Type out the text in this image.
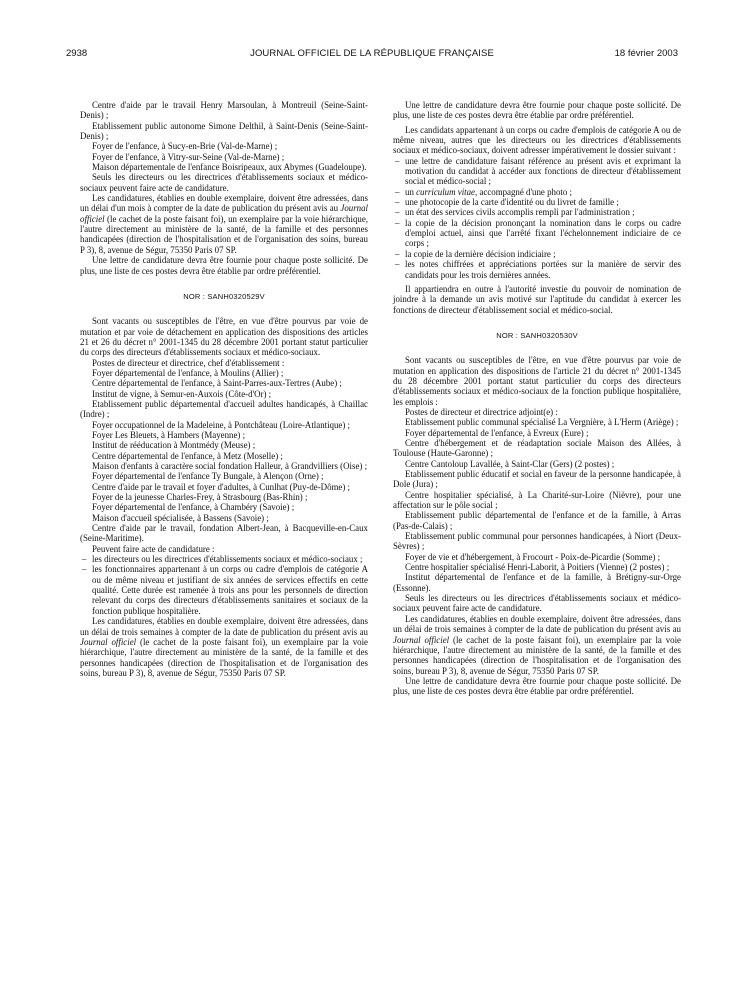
2938	JOURNAL OFFICIEL DE LA RÉPUBLIQUE FRANÇAISE	18 février 2003

Centre d'aide par le travail Henry Marsoulan, à Montreuil (Seine-Saint-Denis) ;

Etablissement public autonome Simone Delthil, à Saint-Denis (Seine-Saint-Denis) ;

Foyer de l'enfance, à Sucy-en-Brie (Val-de-Marne) ;

Foyer de l'enfance, à Vitry-sur-Seine (Val-de-Marne) ;

Maison départementale de l'enfance Boisripeaux, aux Abymes (Guadeloupe).

Seuls les directeurs ou les directrices d'établissements sociaux et médico-sociaux peuvent faire acte de candidature.

Les candidatures, établies en double exemplaire, doivent être adressées, dans un délai d'un mois à compter de la date de publication du présent avis au Journal officiel (le cachet de la poste faisant foi), un exemplaire par la voie hiérarchique, l'autre directement au ministère de la santé, de la famille et des personnes handicapées (direction de l'hospitalisation et de l'organisation des soins, bureau P 3), 8, avenue de Ségur, 75350 Paris 07 SP.

Une lettre de candidature devra être fournie pour chaque poste sollicité. De plus, une liste de ces postes devra être établie par ordre préférentiel.

NOR : SANH0320529V

Sont vacants ou susceptibles de l'être, en vue d'être pourvus par voie de mutation et par voie de détachement en application des dispositions des articles 21 et 26 du décret n° 2001-1345 du 28 décembre 2001 portant statut particulier du corps des directeurs d'établissements sociaux et médico-sociaux.

Postes de directeur et directrice, chef d'établissement :

Foyer départemental de l'enfance, à Moulins (Allier) ;

Centre départemental de l'enfance, à Saint-Parres-aux-Tertres (Aube) ;

Institut de vigne, à Semur-en-Auxois (Côte-d'Or) ;

Etablissement public départemental d'accueil adultes handicapés, à Chaillac (Indre) ;

Foyer occupationnel de la Madeleine, à Pontchâteau (Loire-Atlantique) ;

Foyer Les Bleuets, à Hambers (Mayenne) ;

Institut de rééducation à Montmédy (Meuse) ;

Centre départemental de l'enfance, à Metz (Moselle) ;

Maison d'enfants à caractère social fondation Halleur, à Grandvilliers (Oise) ;

Foyer départemental de l'enfance Ty Bungale, à Alençon (Orne) ;

Centre d'aide par le travail et foyer d'adultes, à Cunlhat (Puy-de-Dôme) ;

Foyer de la jeunesse Charles-Frey, à Strasbourg (Bas-Rhin) ;

Foyer départemental de l'enfance, à Chambéry (Savoie) ;

Maison d'accueil spécialisée, à Bassens (Savoie) ;

Centre d'aide par le travail, fondation Albert-Jean, à Bacqueville-en-Caux (Seine-Maritime).

Peuvent faire acte de candidature :

– les directeurs ou les directrices d'établissements sociaux et médico-sociaux ;
– les fonctionnaires appartenant à un corps ou cadre d'emplois de catégorie A ou de même niveau et justifiant de six années de services effectifs en cette qualité. Cette durée est ramenée à trois ans pour les personnels de direction relevant du corps des directeurs d'établissements sanitaires et sociaux de la fonction publique hospitalière.

Les candidatures, établies en double exemplaire, doivent être adressées, dans un délai de trois semaines à compter de la date de publication du présent avis au Journal officiel (le cachet de la poste faisant foi), un exemplaire par la voie hiérarchique, l'autre directement au ministère de la santé, de la famille et des personnes handicapées (direction de l'hospitalisation et de l'organisation des soins, bureau P 3), 8, avenue de Ségur, 75350 Paris 07 SP.

Une lettre de candidature devra être fournie pour chaque poste sollicité. De plus, une liste de ces postes devra être établie par ordre préférentiel.

Les candidats appartenant à un corps ou cadre d'emplois de catégorie A ou de même niveau, autres que les directeurs ou les directrices d'établissements sociaux et médico-sociaux, doivent adresser impérativement le dossier suivant :

– une lettre de candidature faisant référence au présent avis et exprimant la motivation du candidat à accéder aux fonctions de directeur d'établissement social et médico-social ;
– un curriculum vitae, accompagné d'une photo ;
– une photocopie de la carte d'identité ou du livret de famille ;
– un état des services civils accomplis rempli par l'administration ;
– la copie de la décision prononçant la nomination dans le corps ou cadre d'emploi actuel, ainsi que l'arrêté fixant l'échelonnement indiciaire de ce corps ;
– la copie de la dernière décision indiciaire ;
– les notes chiffrées et appréciations portées sur la manière de servir des candidats pour les trois dernières années.

Il appartiendra en outre à l'autorité investie du pouvoir de nomination de joindre à la demande un avis motivé sur l'aptitude du candidat à exercer les fonctions de directeur d'établissement social et médico-social.

NOR : SANH0320530V

Sont vacants ou susceptibles de l'être, en vue d'être pourvus par voie de mutation en application des dispositions de l'article 21 du décret n° 2001-1345 du 28 décembre 2001 portant statut particulier du corps des directeurs d'établissements sociaux et médico-sociaux de la fonction publique hospitalière, les emplois :

Postes de directeur et directrice adjoint(e) :

Etablissement public communal spécialisé La Vergnière, à L'Herm (Ariège) ;

Foyer départemental de l'enfance, à Evreux (Eure) ;

Centre d'hébergement et de réadaptation sociale Maison des Allées, à Toulouse (Haute-Garonne) ;

Centre Cantoloup Lavallée, à Saint-Clar (Gers) (2 postes) ;

Etablissement public éducatif et social en faveur de la personne handicapée, à Dole (Jura) ;

Centre hospitalier spécialisé, à La Charité-sur-Loire (Nièvre), pour une affectation sur le pôle social ;

Etablissement public départemental de l'enfance et de la famille, à Arras (Pas-de-Calais) ;

Etablissement public communal pour personnes handicapées, à Niort (Deux-Sèvres) ;

Foyer de vie et d'hébergement, à Frocourt - Poix-de-Picardie (Somme) ;

Centre hospitalier spécialisé Henri-Laborit, à Poitiers (Vienne) (2 postes) ;

Institut départemental de l'enfance et de la famille, à Brétigny-sur-Orge (Essonne).

Seuls les directeurs ou les directrices d'établissements sociaux et médico-sociaux peuvent faire acte de candidature.

Les candidatures, établies en double exemplaire, doivent être adressées, dans un délai de trois semaines à compter de la date de publication du présent avis au Journal officiel (le cachet de la poste faisant foi), un exemplaire par la voie hiérarchique, l'autre directement au ministère de la santé, de la famille et des personnes handicapées (direction de l'hospitalisation et de l'organisation des soins, bureau P 3), 8, avenue de Ségur, 75350 Paris 07 SP.

Une lettre de candidature devra être fournie pour chaque poste sollicité. De plus, une liste de ces postes devra être établie par ordre préférentiel.
